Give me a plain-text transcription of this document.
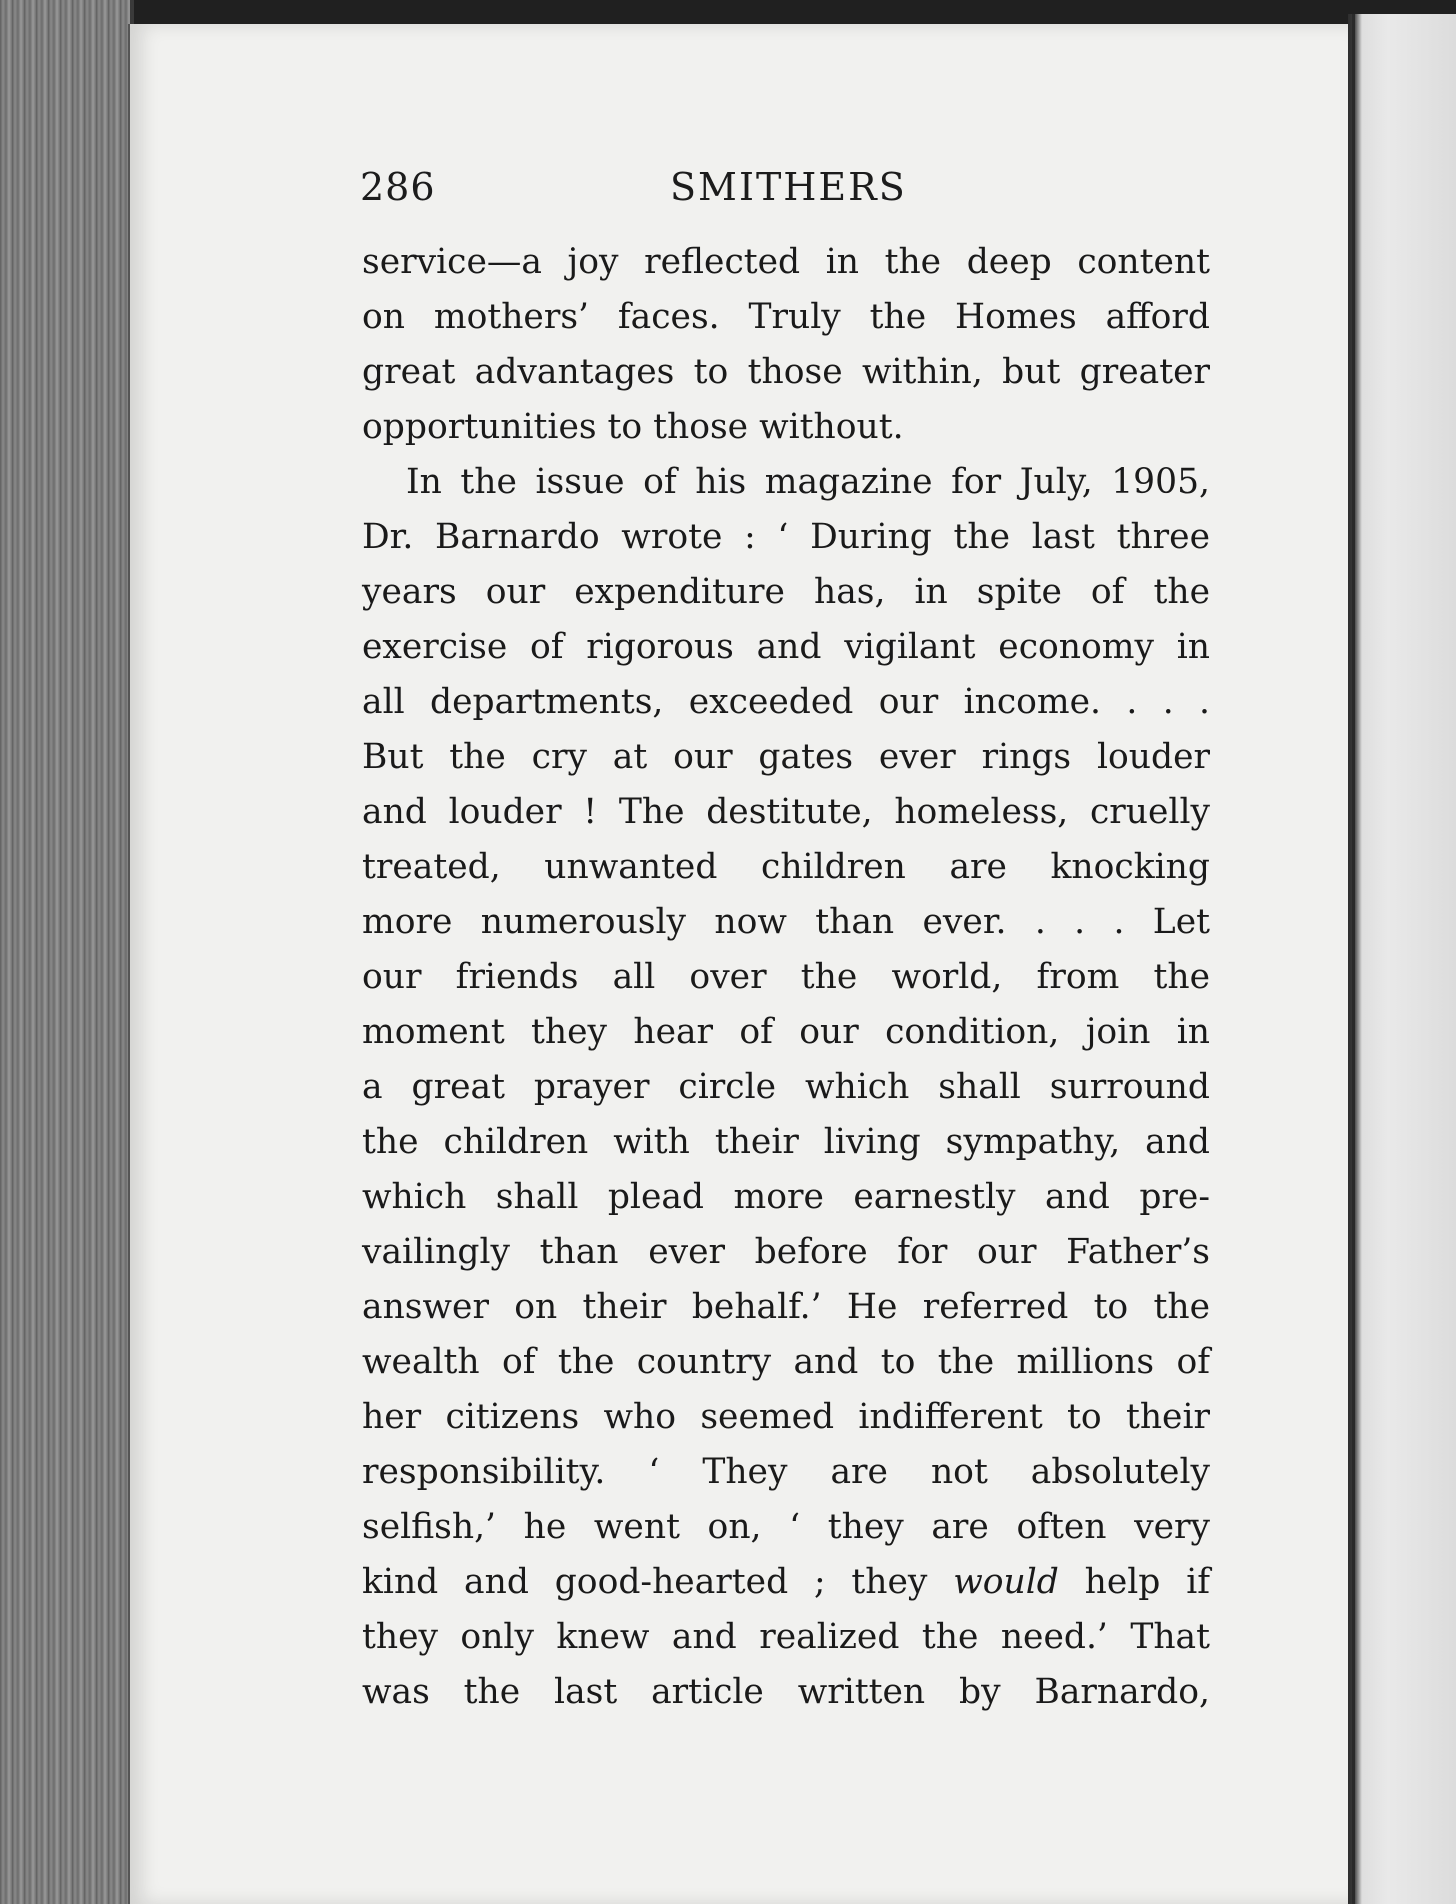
286	SMITHERS
service—a joy reflected in the deep content
on mothers’ faces. Truly the Homes afford
great advantages to those within, but greater
opportunities to those without.
In the issue of his magazine for July, 1905,
Dr. Barnardo wrote : ‘ During the last three
years our expenditure has, in spite of the
exercise of rigorous and vigilant economy in
all departments, exceeded our income. . . .
But the cry at our gates ever rings louder
and louder ! The destitute, homeless, cruelly
treated, unwanted children are knocking
more numerously now than ever. . . . Let
our friends all over the world, from the
moment they hear of our condition, join in
a great prayer circle which shall surround
the children with their living sympathy, and
which shall plead more earnestly and pre-
vailingly than ever before for our Father’s
answer on their behalf.’ He referred to the
wealth of the country and to the millions of
her citizens who seemed indifferent to their
responsibility. ‘ They are not absolutely
selfish,’ he went on, ‘ they are often very
kind and good-hearted ; they would help if
they only knew and realized the need.’ That
was the last article written by Barnardo,
